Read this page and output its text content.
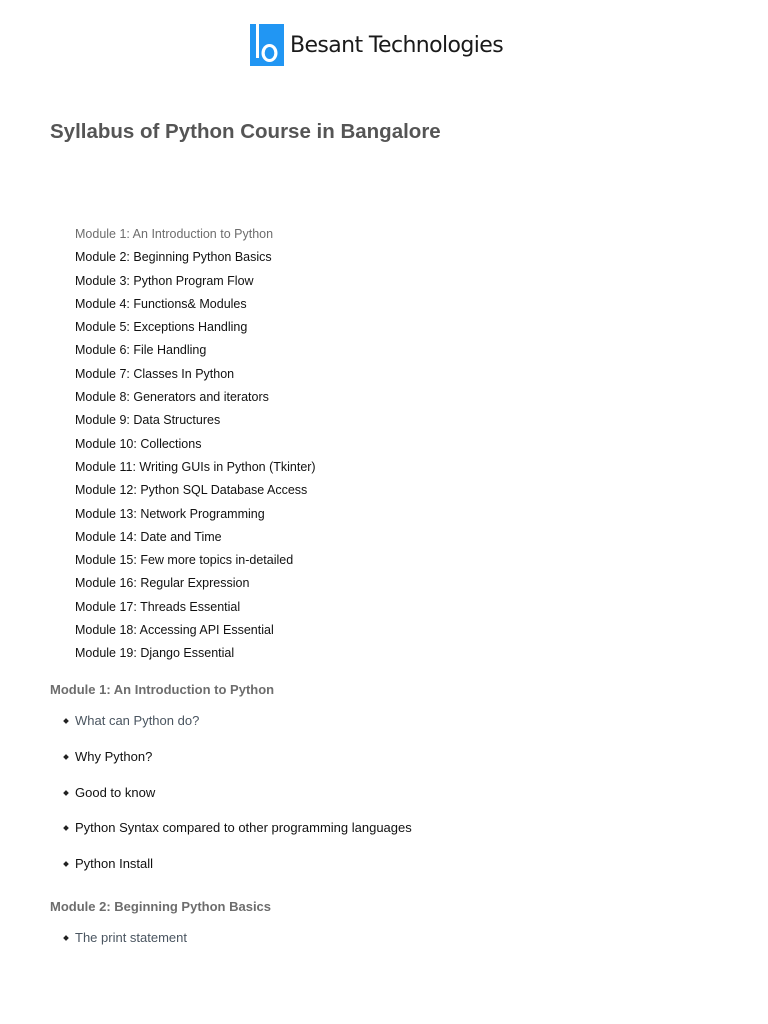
Besant Technologies
Syllabus of Python Course in Bangalore
Module 1: An Introduction to Python
Module 2: Beginning Python Basics
Module 3: Python Program Flow
Module 4: Functions& Modules
Module 5: Exceptions Handling
Module 6: File Handling
Module 7: Classes In Python
Module 8: Generators and iterators
Module 9: Data Structures
Module 10: Collections
Module 11: Writing GUIs in Python (Tkinter)
Module 12: Python SQL Database Access
Module 13: Network Programming
Module 14: Date and Time
Module 15: Few more topics in-detailed
Module 16: Regular Expression
Module 17: Threads Essential
Module 18: Accessing API Essential
Module 19: Django Essential
Module 1: An Introduction to Python
What can Python do?
Why Python?
Good to know
Python Syntax compared to other programming languages
Python Install
Module 2: Beginning Python Basics
The print statement
